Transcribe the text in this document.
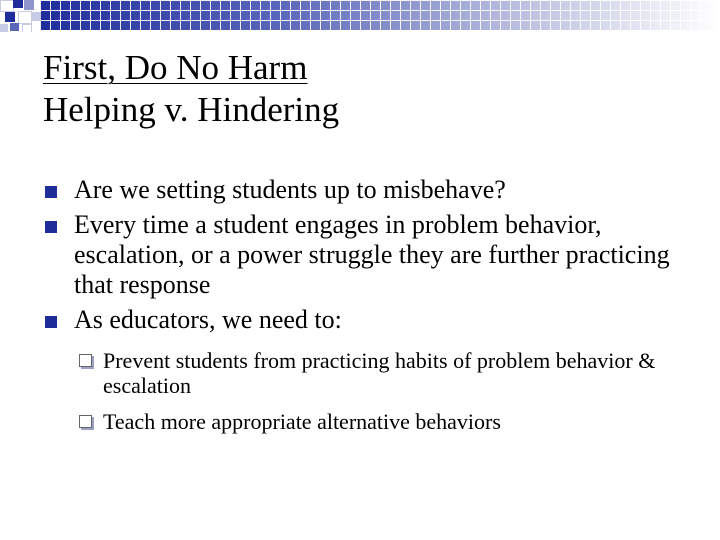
First, Do No Harm
Helping v. Hindering
Are we setting students up to misbehave?
Every time a student engages in problem behavior, escalation, or a power struggle they are further practicing that response
As educators, we need to:
Prevent students from practicing habits of problem behavior & escalation
Teach more appropriate alternative behaviors
